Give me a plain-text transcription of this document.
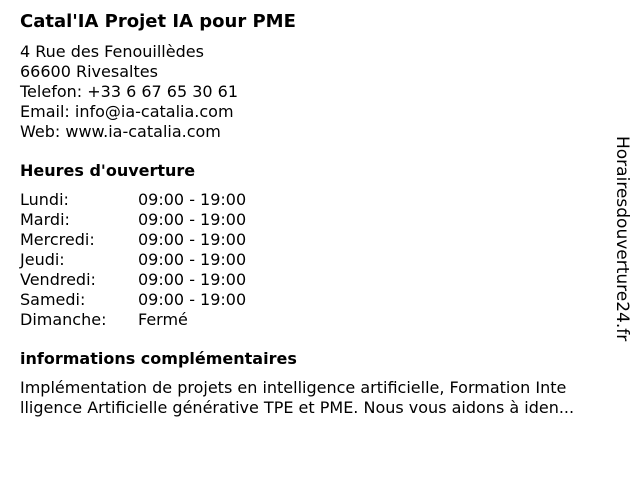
Catal'IA Projet IA pour PME
4 Rue des Fenouillèdes
66600 Rivesaltes
Telefon: +33 6 67 65 30 61
Email: info@ia-catalia.com
Web: www.ia-catalia.com
Heures d'ouverture
Lundi:	09:00 - 19:00
Mardi:	09:00 - 19:00
Mercredi:	09:00 - 19:00
Jeudi:	09:00 - 19:00
Vendredi:	09:00 - 19:00
Samedi:	09:00 - 19:00
Dimanche:	Fermé
informations complémentaires
Implémentation de projets en intelligence artificielle, Formation Inte
lligence Artificielle générative TPE et PME. Nous vous aidons à iden...
Horairesdouverture24.fr
